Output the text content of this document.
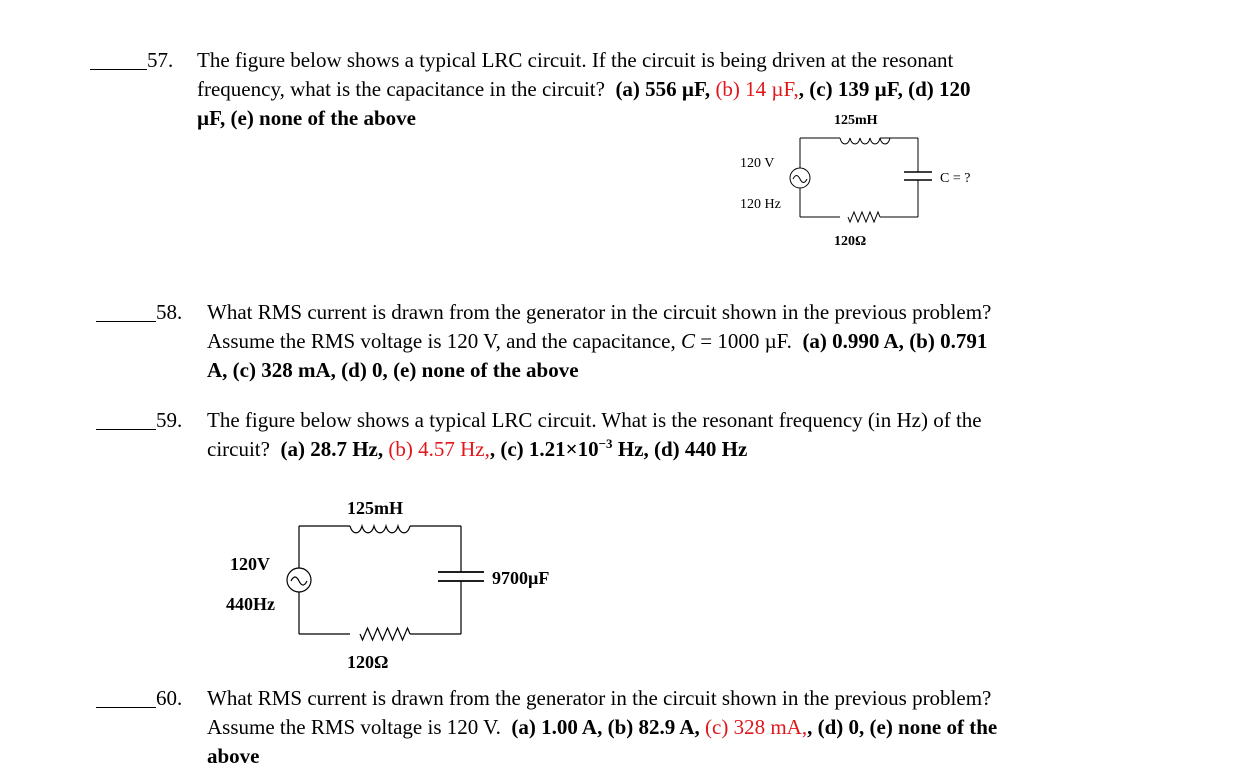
57. The figure below shows a typical LRC circuit. If the circuit is being driven at the resonant

frequency, what is the capacitance in the circuit? (a) 556 µF, (b) 14 µF,, (c) 139 µF, (d) 120

µF, (e) none of the above	125mH
120 V
120 Hz
120Ω
C = ?
58. What RMS current is drawn from the generator in the circuit shown in the previous problem?

Assume the RMS voltage is 120 V, and the capacitance, C = 1000 µF. (a) 0.990 A, (b) 0.791

A, (c) 328 mA, (d) 0, (e) none of the above

59. The figure below shows a typical LRC circuit. What is the resonant frequency (in Hz) of the

circuit? (a) 28.7 Hz, (b) 4.57 Hz,, (c) $1.21\times 10^{-3}$ Hz, (d) 440 Hz

125mH
120V
440Hz
120Ω
9700µF
60. What RMS current is drawn from the generator in the circuit shown in the previous problem?

Assume the RMS voltage is 120 V. (a) 1.00 A, (b) 82.9 A, (c) 328 mA,, (d) 0, (e) none of the

above
